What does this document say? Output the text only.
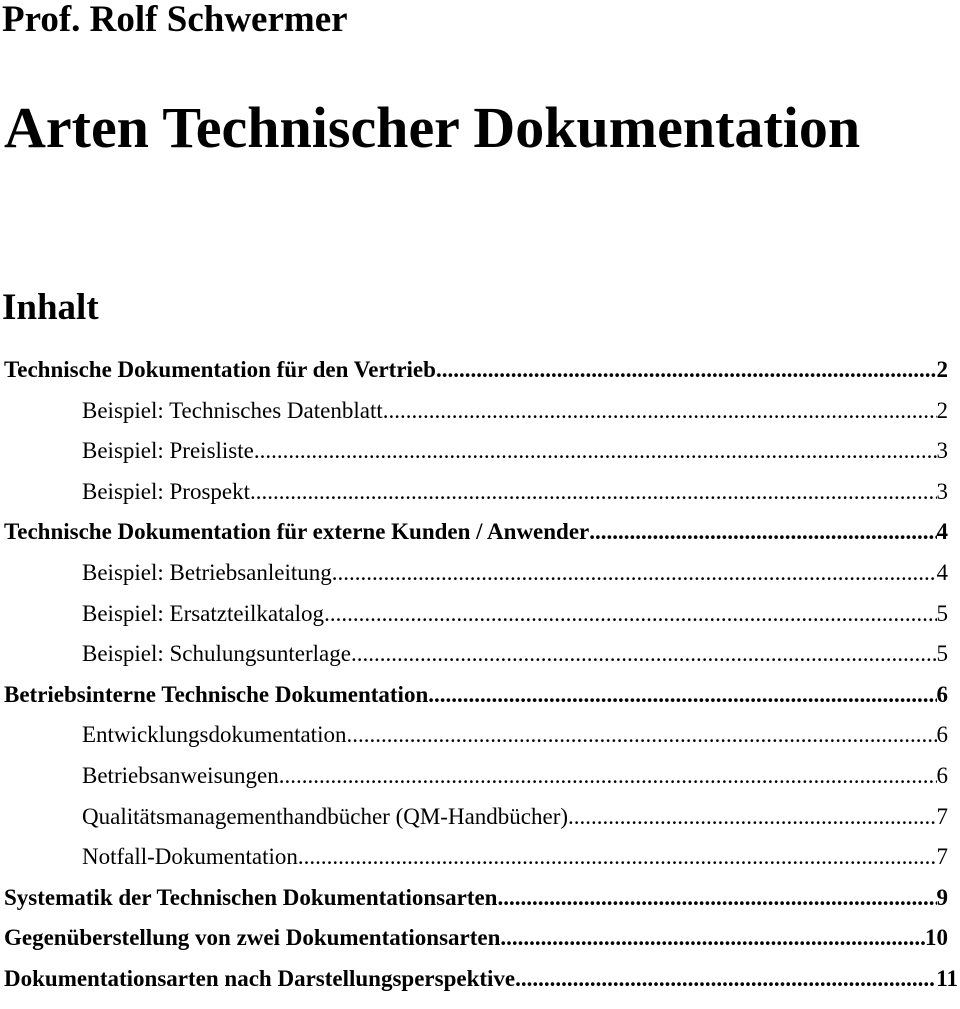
Prof. Rolf Schwermer
Arten Technischer Dokumentation
Inhalt
Technische Dokumentation für den Vertrieb .....	2
Beispiel: Technisches Datenblatt .....	2
Beispiel: Preisliste .....	3
Beispiel: Prospekt .....	3
Technische Dokumentation für externe Kunden / Anwender .....	4
Beispiel: Betriebsanleitung .....	4
Beispiel: Ersatzteilkatalog .....	5
Beispiel: Schulungsunterlage .....	5
Betriebsinterne Technische Dokumentation .....	6
Entwicklungsdokumentation .....	6
Betriebsanweisungen .....	6
Qualitätsmanagementhandbücher (QM-Handbücher) .....	7
Notfall-Dokumentation .....	7
Systematik der Technischen Dokumentationsarten .....	9
Gegenüberstellung von zwei Dokumentationsarten .....	10
Dokumentationsarten nach Darstellungsperspektive .....	11
